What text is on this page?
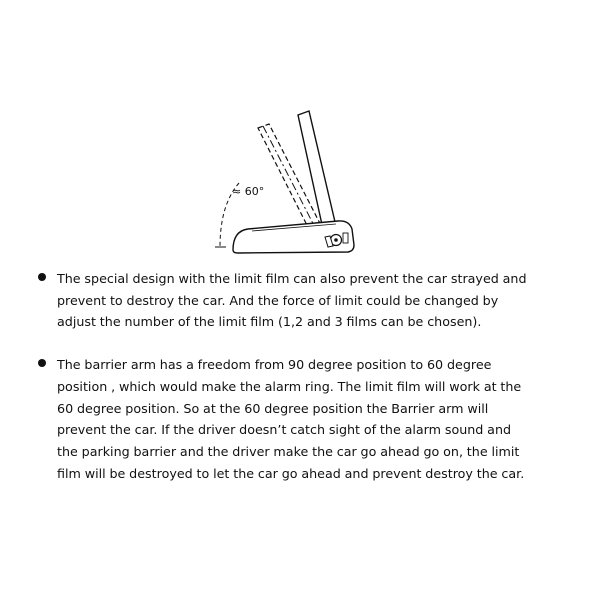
≈ 60°
The special design with the limit film can also prevent the car strayed and
prevent to destroy the car. And the force of limit could be changed by
adjust the number of the limit film (1,2 and 3 films can be chosen).
The barrier arm has a freedom from 90 degree position to 60 degree
position , which would make the alarm ring. The limit film will work at the
60 degree position. So at the 60 degree position the Barrier arm will
prevent the car. If the driver doesn’t catch sight of the alarm sound and
the parking barrier and the driver make the car go ahead go on, the limit
film will be destroyed to let the car go ahead and prevent destroy the car.
